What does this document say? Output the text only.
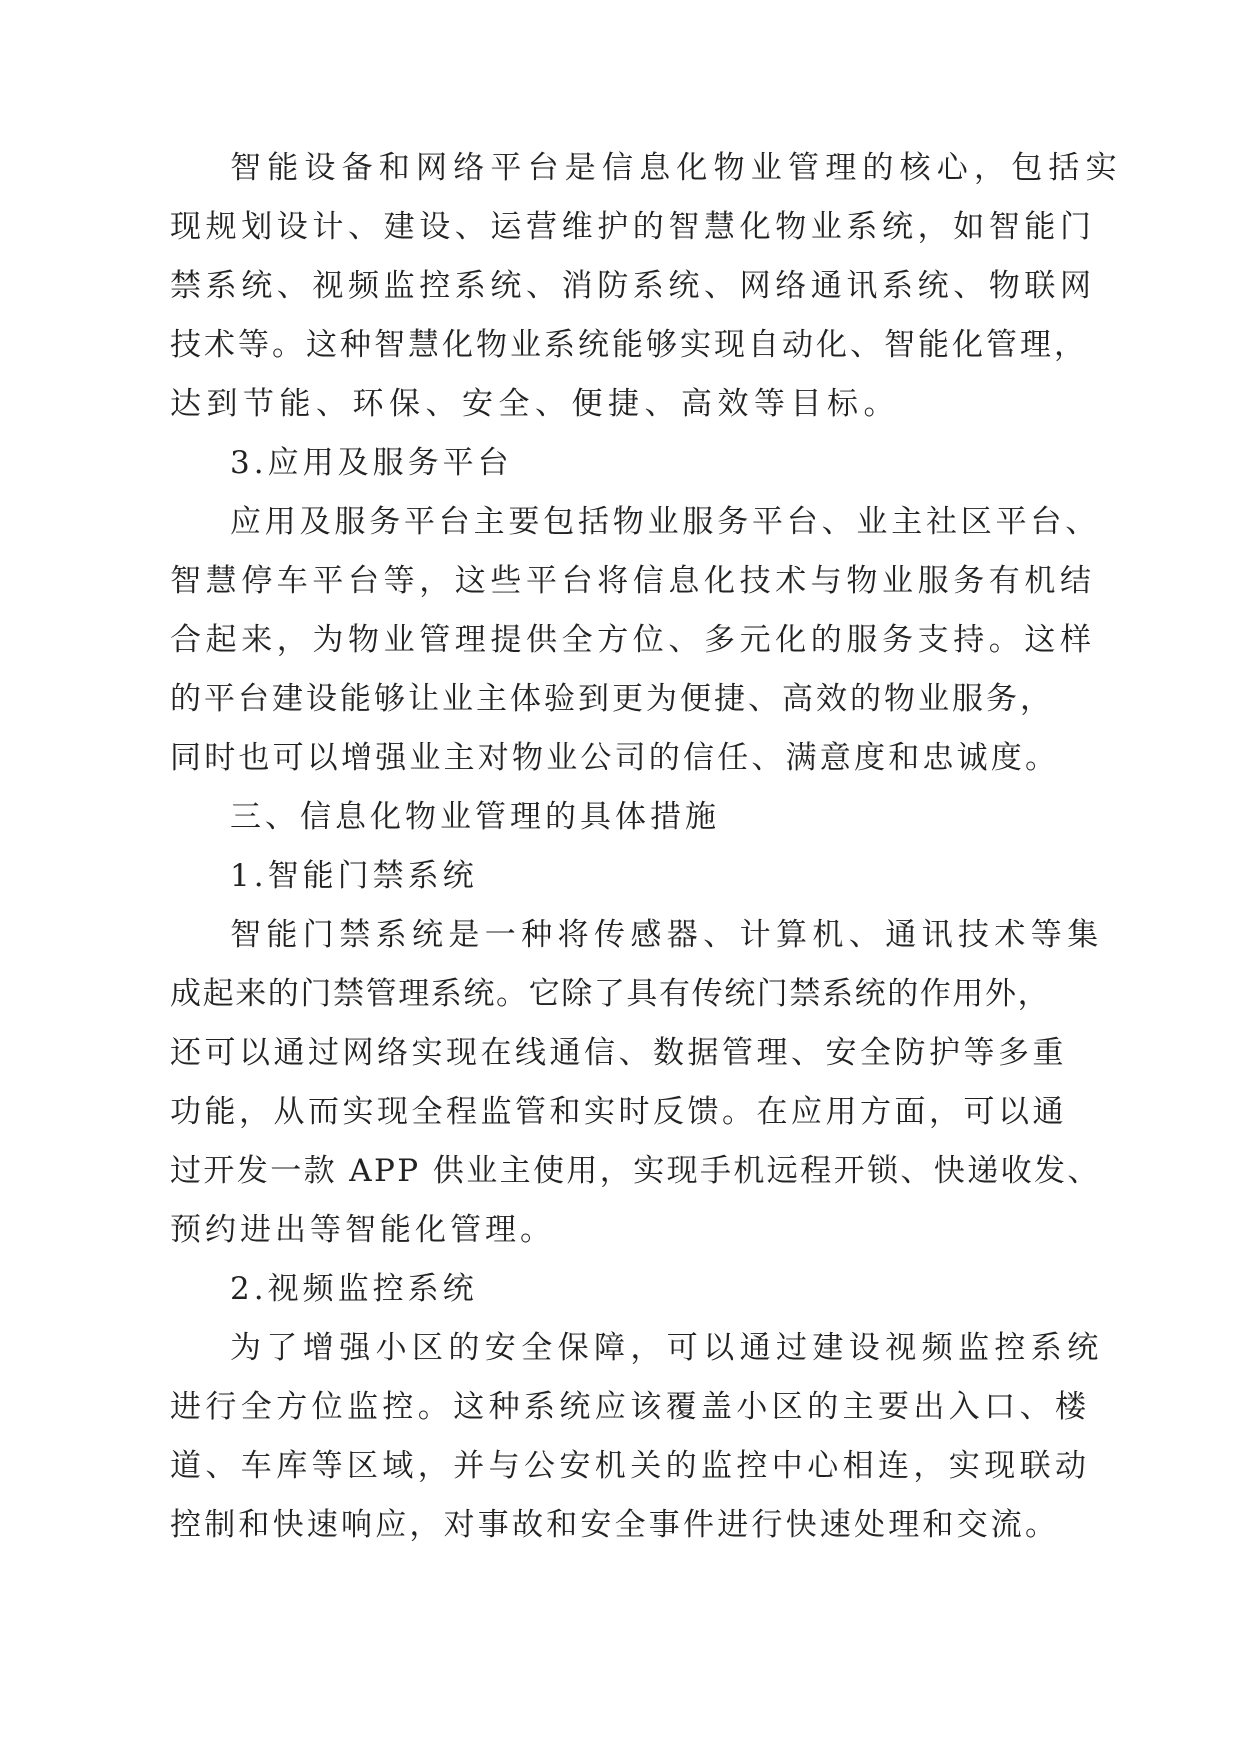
智能设备和网络平台是信息化物业管理的核心，包括实
现规划设计、建设、运营维护的智慧化物业系统，如智能门
禁系统、视频监控系统、消防系统、网络通讯系统、物联网
技术等。这种智慧化物业系统能够实现自动化、智能化管理，
达到节能、环保、安全、便捷、高效等目标。
3.应用及服务平台
应用及服务平台主要包括物业服务平台、业主社区平台、
智慧停车平台等，这些平台将信息化技术与物业服务有机结
合起来，为物业管理提供全方位、多元化的服务支持。这样
的平台建设能够让业主体验到更为便捷、高效的物业服务，
同时也可以增强业主对物业公司的信任、满意度和忠诚度。
三、信息化物业管理的具体措施
1.智能门禁系统
智能门禁系统是一种将传感器、计算机、通讯技术等集
成起来的门禁管理系统。它除了具有传统门禁系统的作用外，
还可以通过网络实现在线通信、数据管理、安全防护等多重
功能，从而实现全程监管和实时反馈。在应用方面，可以通
过开发一款 APP 供业主使用，实现手机远程开锁、快递收发、
预约进出等智能化管理。
2.视频监控系统
为了增强小区的安全保障，可以通过建设视频监控系统
进行全方位监控。这种系统应该覆盖小区的主要出入口、楼
道、车库等区域，并与公安机关的监控中心相连，实现联动
控制和快速响应，对事故和安全事件进行快速处理和交流。
